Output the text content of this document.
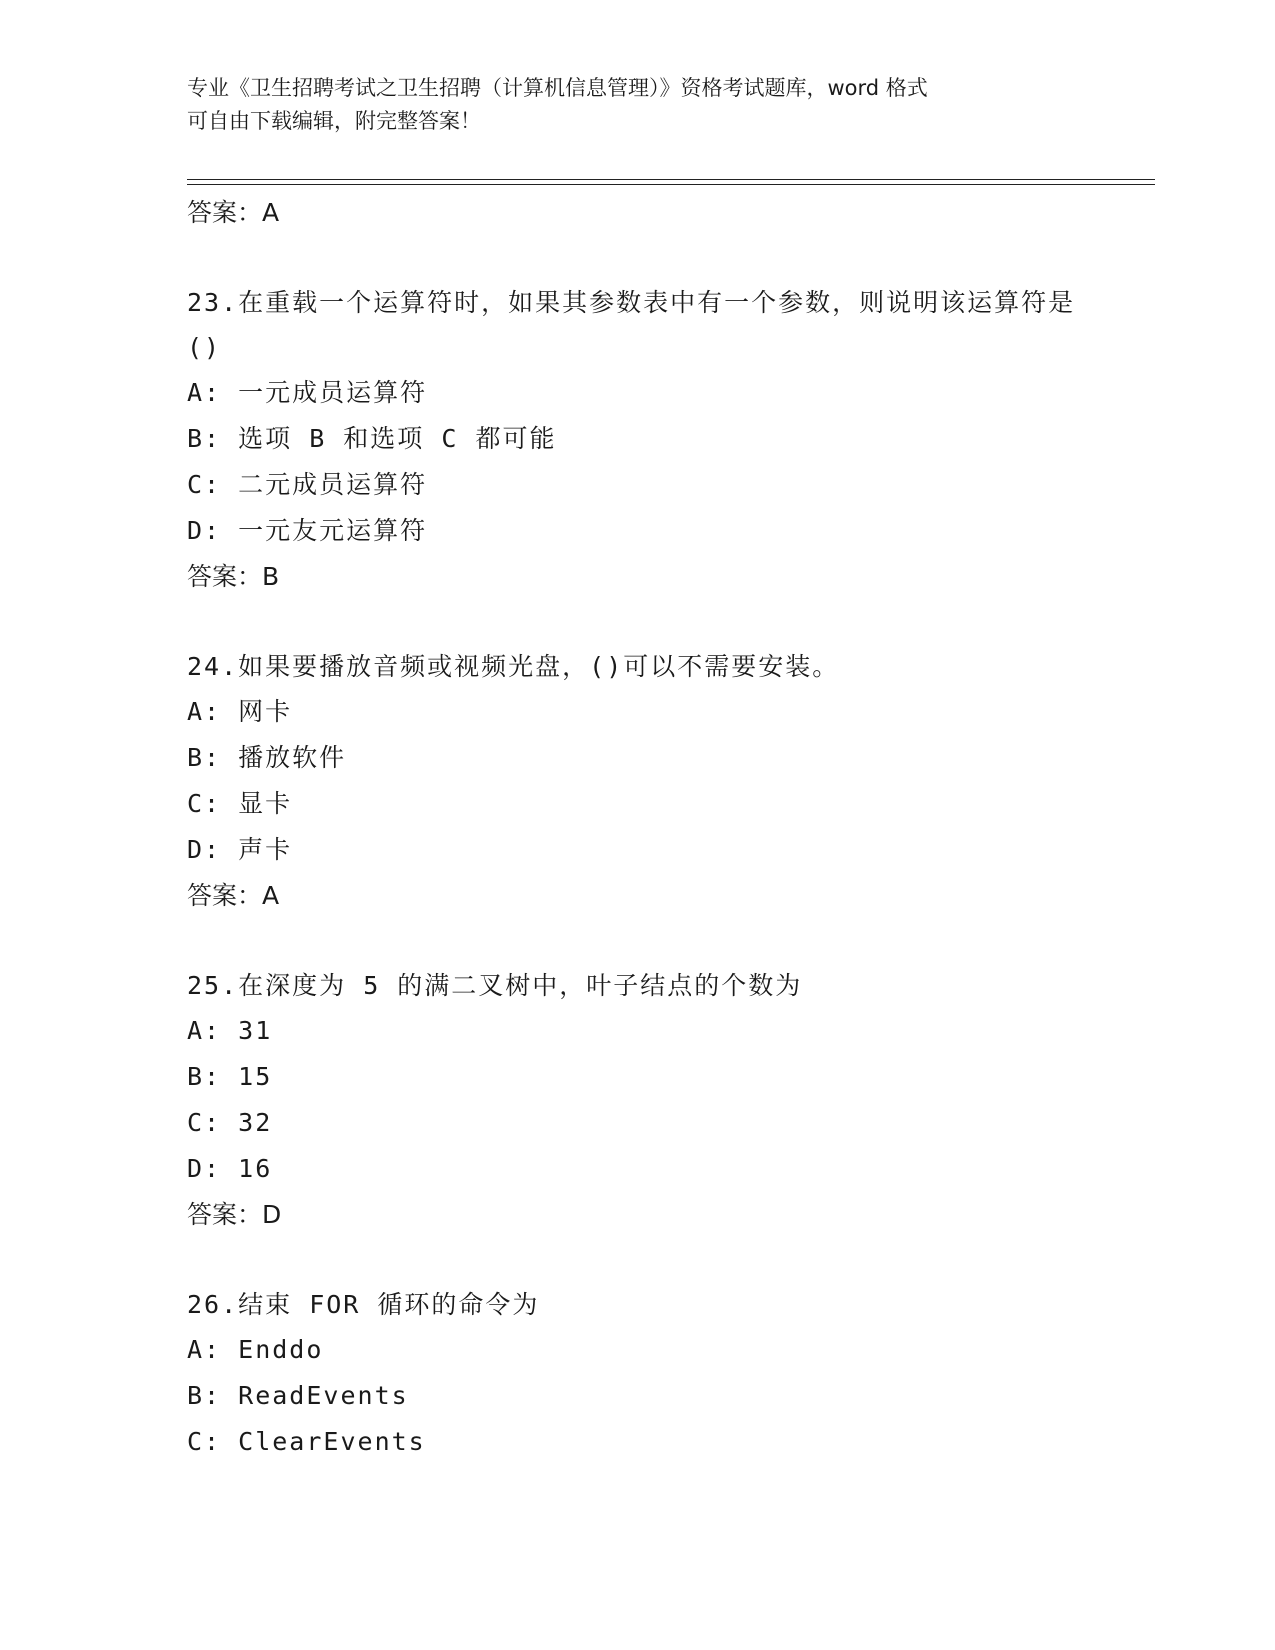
专业《卫生招聘考试之卫生招聘（计算机信息管理）》资格考试题库，word 格式
可自由下载编辑，附完整答案！
答案：A
23.在重载一个运算符时，如果其参数表中有一个参数，则说明该运算符是()
A: 一元成员运算符
B: 选项 B 和选项 C 都可能
C: 二元成员运算符
D: 一元友元运算符
答案：B
24.如果要播放音频或视频光盘，()可以不需要安装。
A: 网卡
B: 播放软件
C: 显卡
D: 声卡
答案：A
25.在深度为 5 的满二叉树中，叶子结点的个数为
A: 31
B: 15
C: 32
D: 16
答案：D
26.结束 FOR 循环的命令为
A: Enddo
B: ReadEvents
C: ClearEvents
